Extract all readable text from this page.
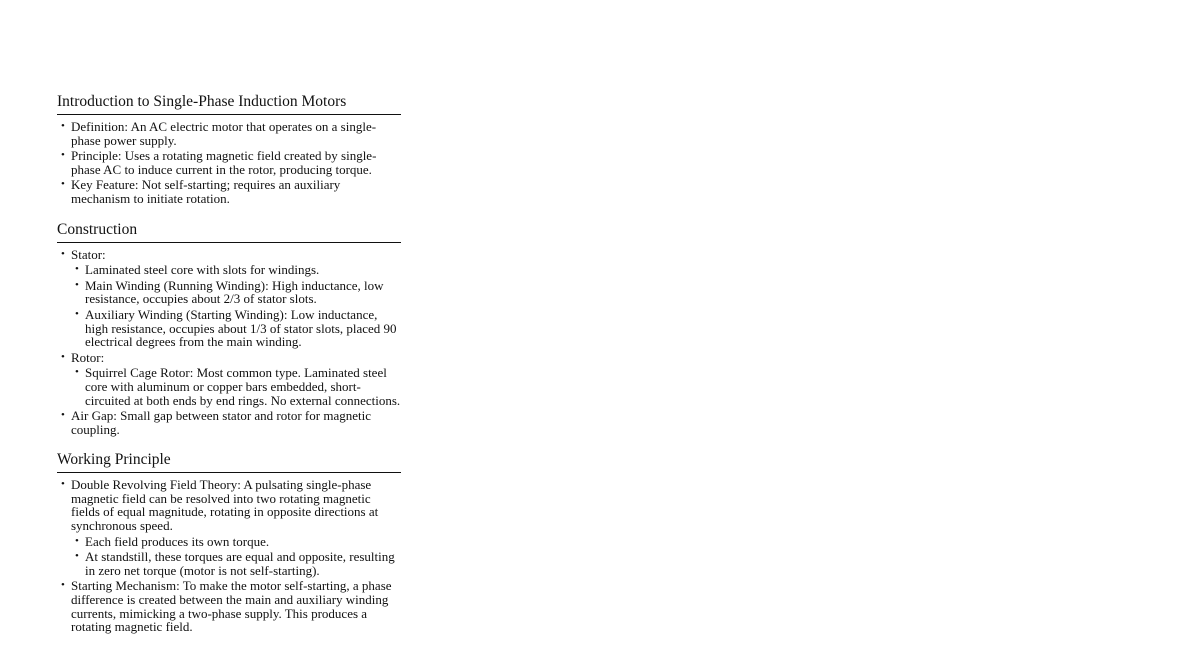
Introduction to Single-Phase Induction Motors
• Definition: An AC electric motor that operates on a single-phase power supply.
• Principle: Uses a rotating magnetic field created by single-phase AC to induce current in the rotor, producing torque.
• Key Feature: Not self-starting; requires an auxiliary mechanism to initiate rotation.
Construction
• Stator:
• Laminated steel core with slots for windings.
• Main Winding (Running Winding): High inductance, low resistance, occupies about 2/3 of stator slots.
• Auxiliary Winding (Starting Winding): Low inductance, high resistance, occupies about 1/3 of stator slots, placed 90 electrical degrees from the main winding.
• Rotor:
• Squirrel Cage Rotor: Most common type. Laminated steel core with aluminum or copper bars embedded, short-circuited at both ends by end rings. No external connections.
• Air Gap: Small gap between stator and rotor for magnetic coupling.
Working Principle
• Double Revolving Field Theory: A pulsating single-phase magnetic field can be resolved into two rotating magnetic fields of equal magnitude, rotating in opposite directions at synchronous speed.
• Each field produces its own torque.
• At standstill, these torques are equal and opposite, resulting in zero net torque (motor is not self-starting).
• Starting Mechanism: To make the motor self-starting, a phase difference is created between the main and auxiliary winding currents, mimicking a two-phase supply. This produces a rotating magnetic field.
